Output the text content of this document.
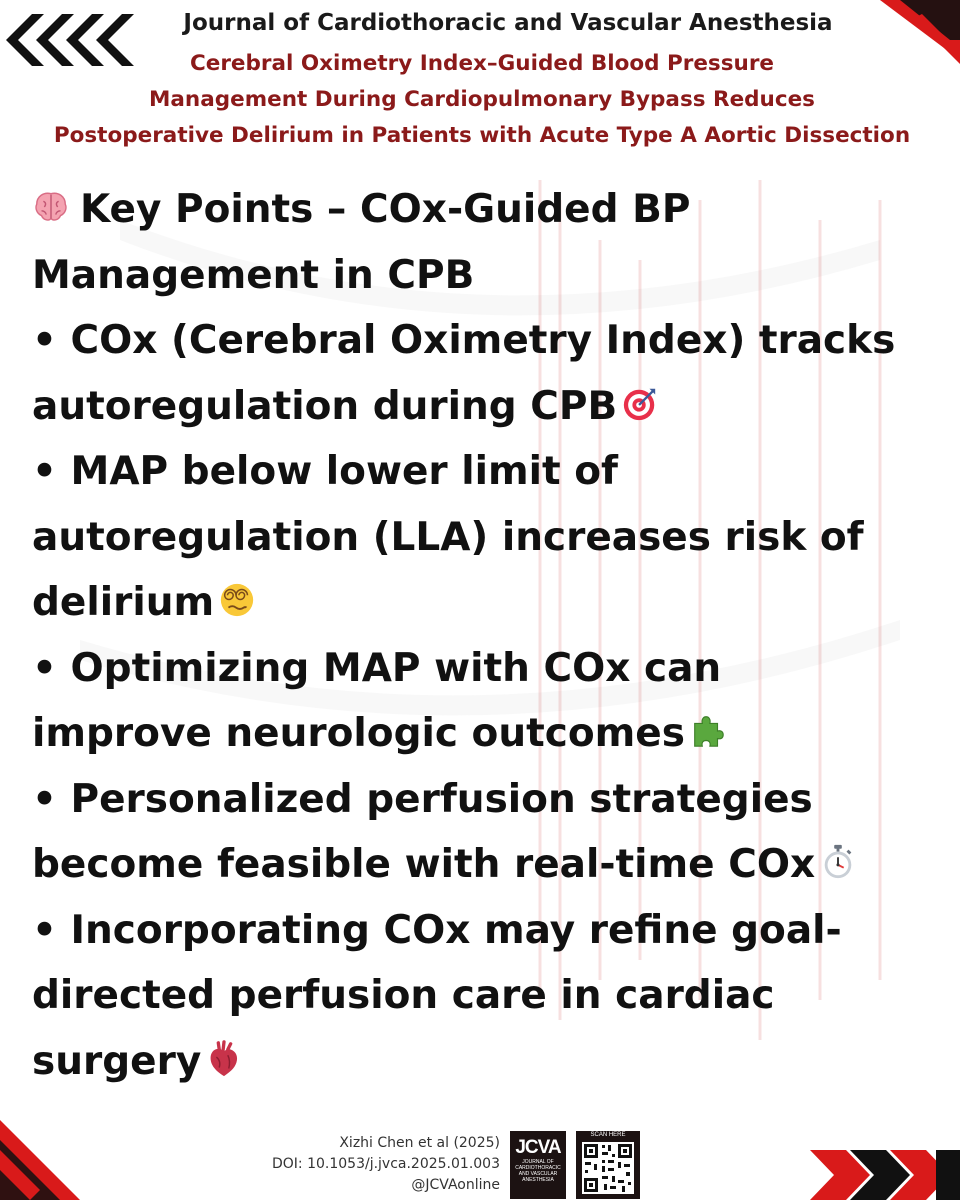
Journal of Cardiothoracic and Vascular Anesthesia
Cerebral Oximetry Index–Guided Blood Pressure
Management During Cardiopulmonary Bypass Reduces
Postoperative Delirium in Patients with Acute Type A Aortic Dissection
Key Points – COx-Guided BP
Management in CPB
• COx (Cerebral Oximetry Index) tracks
autoregulation during CPB
• MAP below lower limit of
autoregulation (LLA) increases risk of
delirium
• Optimizing MAP with COx can
improve neurologic outcomes
• Personalized perfusion strategies
become feasible with real-time COx
• Incorporating COx may refine goal-
directed perfusion care in cardiac
surgery
Xizhi Chen et al (2025)
DOI: 10.1053/j.jvca.2025.01.003
@JCVAonline
JCVA
JOURNAL OF CARDIOTHORACIC AND VASCULAR ANESTHESIA
SCAN HERE
